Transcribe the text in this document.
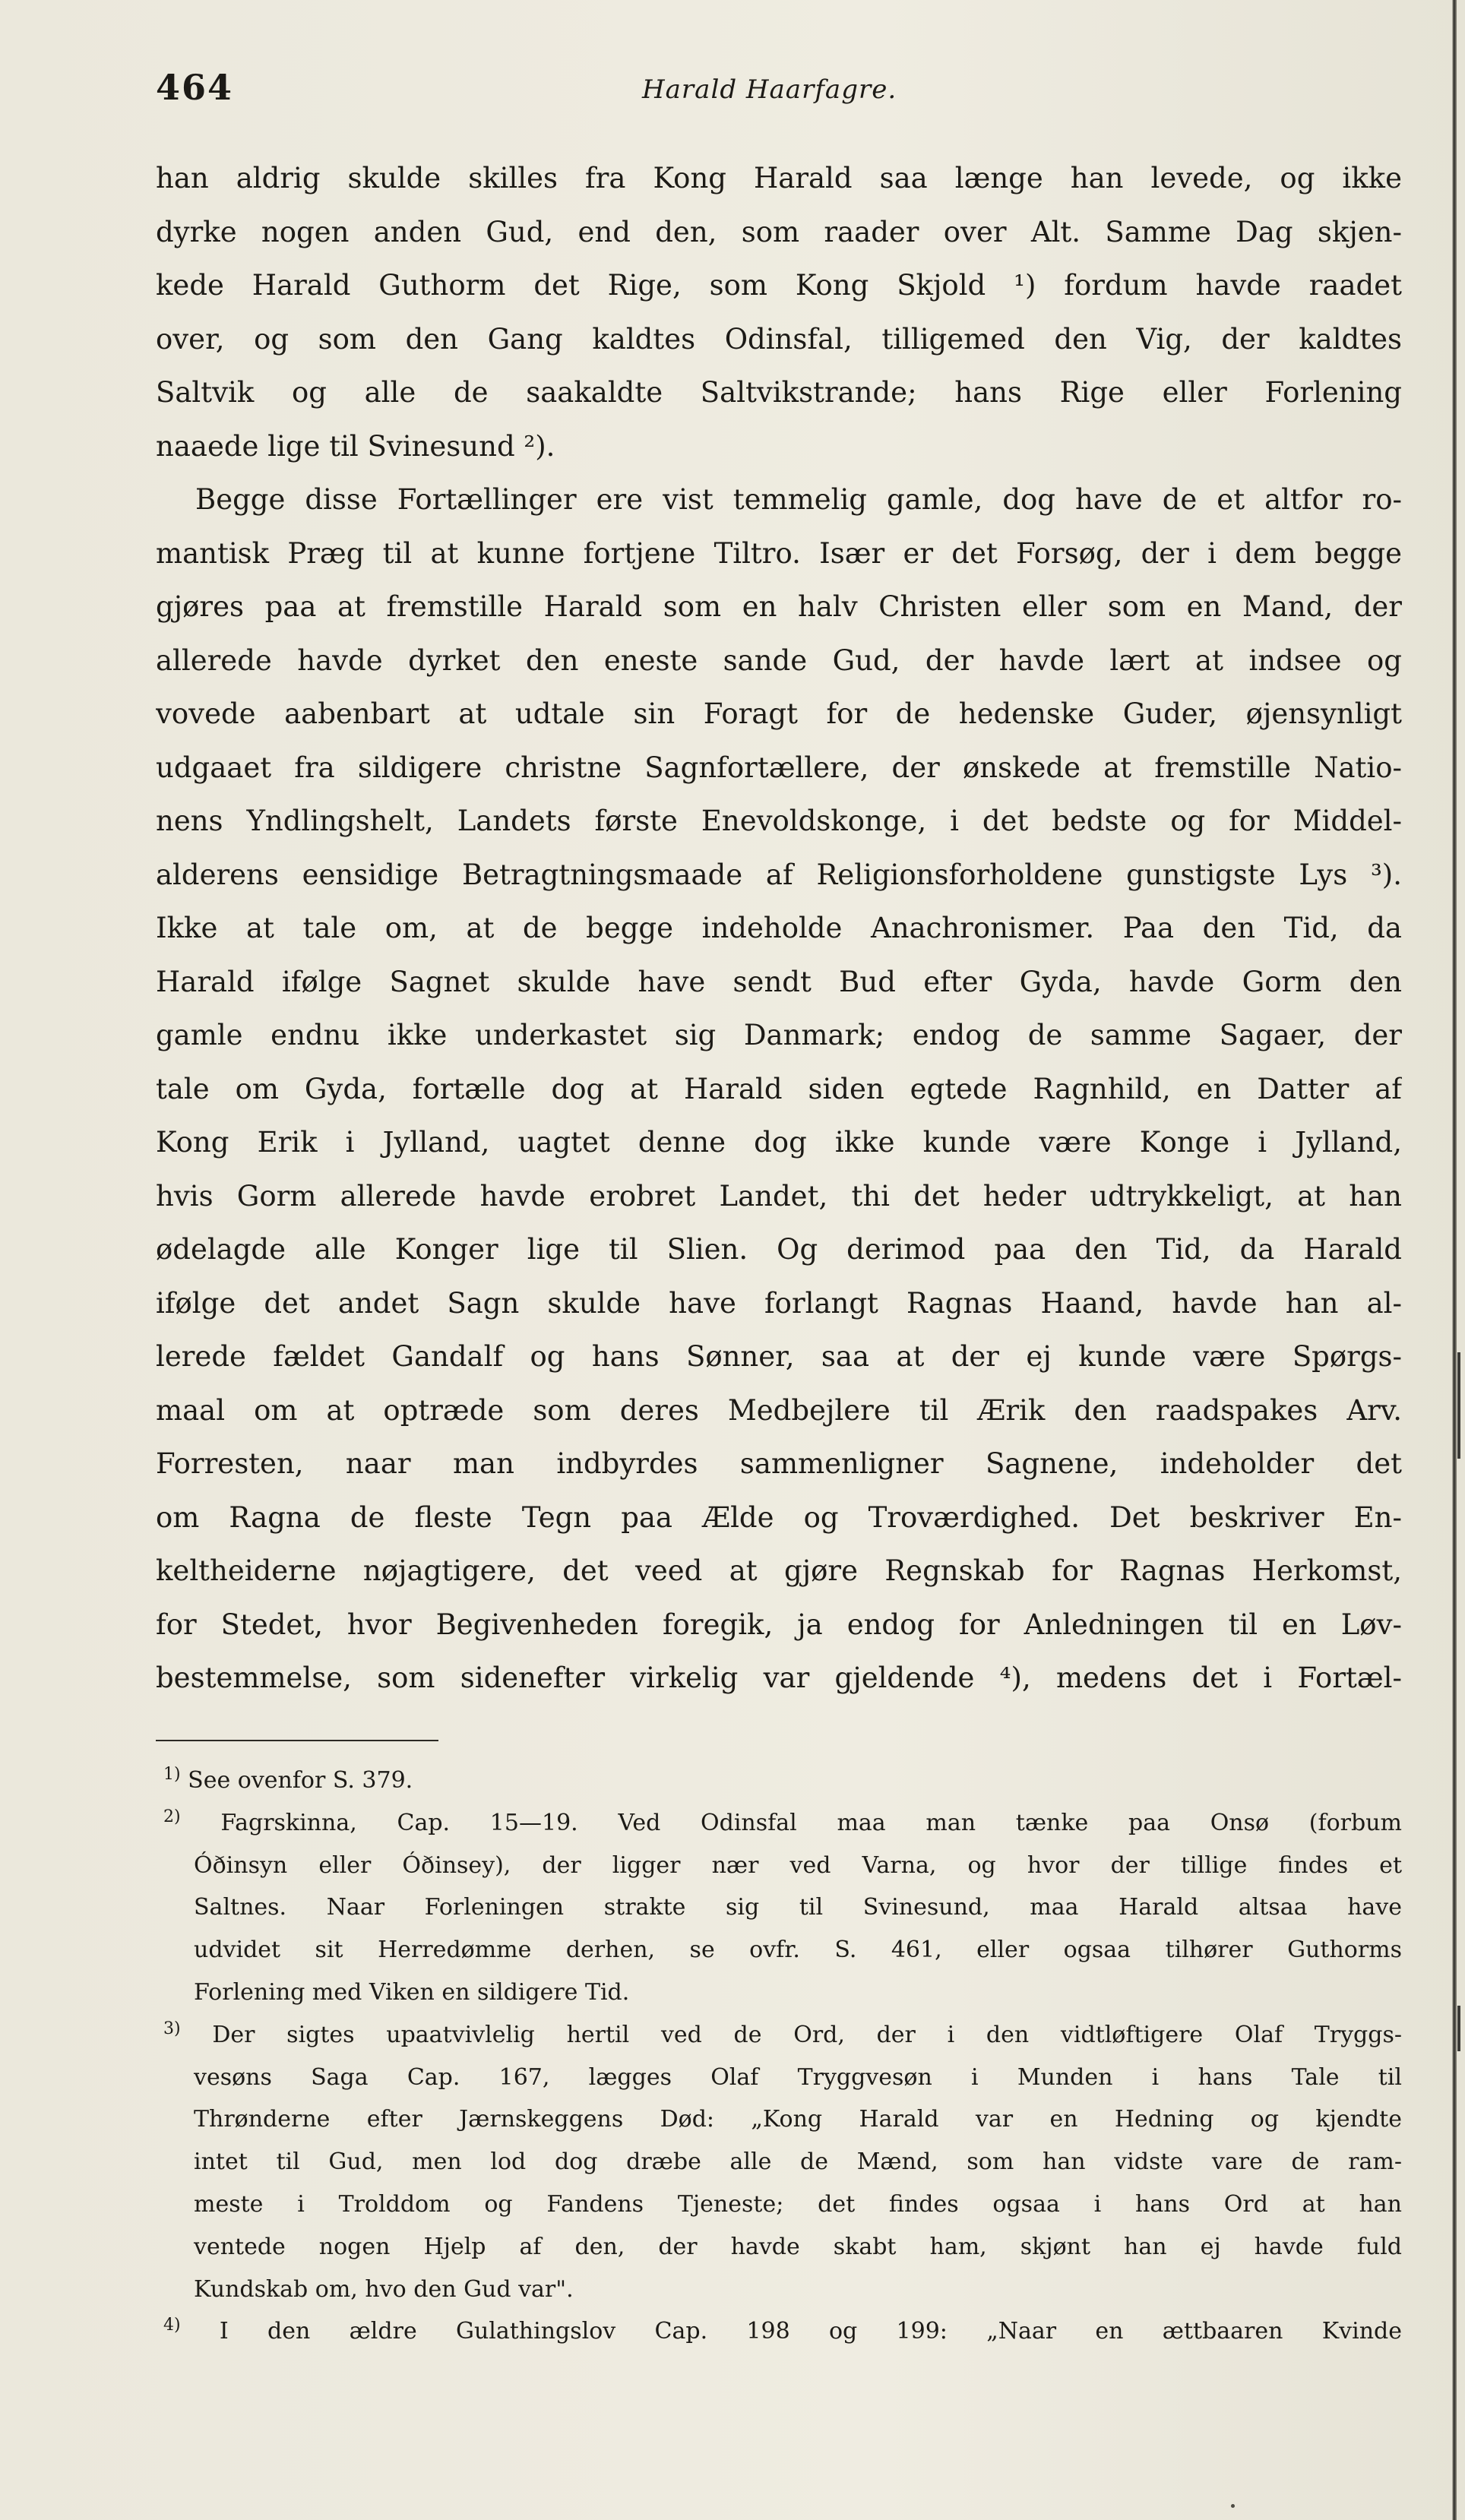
464	Harald Haarfagre.
han aldrig skulde skilles fra Kong Harald saa længe han levede, og ikke
dyrke nogen anden Gud, end den, som raader over Alt. Samme Dag skjen-
kede Harald Guthorm det Rige, som Kong Skjold ¹) fordum havde raadet
over, og som den Gang kaldtes Odinsfal, tilligemed den Vig, der kaldtes
Saltvik og alle de saakaldte Saltvikstrande; hans Rige eller Forlening
naaede lige til Svinesund ²).
Begge disse Fortællinger ere vist temmelig gamle, dog have de et altfor ro-
mantisk Præg til at kunne fortjene Tiltro. Især er det Forsøg, der i dem begge
gjøres paa at fremstille Harald som en halv Christen eller som en Mand, der
allerede havde dyrket den eneste sande Gud, der havde lært at indsee og
vovede aabenbart at udtale sin Foragt for de hedenske Guder, øjensynligt
udgaaet fra sildigere christne Sagnfortællere, der ønskede at fremstille Natio-
nens Yndlingshelt, Landets første Enevoldskonge, i det bedste og for Middel-
alderens eensidige Betragtningsmaade af Religionsforholdene gunstigste Lys ³).
Ikke at tale om, at de begge indeholde Anachronismer. Paa den Tid, da
Harald ifølge Sagnet skulde have sendt Bud efter Gyda, havde Gorm den
gamle endnu ikke underkastet sig Danmark; endog de samme Sagaer, der
tale om Gyda, fortælle dog at Harald siden egtede Ragnhild, en Datter af
Kong Erik i Jylland, uagtet denne dog ikke kunde være Konge i Jylland,
hvis Gorm allerede havde erobret Landet, thi det heder udtrykkeligt, at han
ødelagde alle Konger lige til Slien. Og derimod paa den Tid, da Harald
ifølge det andet Sagn skulde have forlangt Ragnas Haand, havde han al-
lerede fældet Gandalf og hans Sønner, saa at der ej kunde være Spørgs-
maal om at optræde som deres Medbejlere til Ærik den raadspakes Arv.
Forresten, naar man indbyrdes sammenligner Sagnene, indeholder det
om Ragna de fleste Tegn paa Ælde og Troværdighed. Det beskriver En-
keltheiderne nøjagtigere, det veed at gjøre Regnskab for Ragnas Herkomst,
for Stedet, hvor Begivenheden foregik, ja endog for Anledningen til en Løv-
bestemmelse, som sidenefter virkelig var gjeldende ⁴), medens det i Fortæl-
$^{1)}$ See ovenfor S. 379.
$^{2)}$ Fagrskinna, Cap. 15—19. Ved Odinsfal maa man tænke paa Onsø (forbum
Óðinsyn eller Óðinsey), der ligger nær ved Varna, og hvor der tillige findes et
Saltnes. Naar Forleningen strakte sig til Svinesund, maa Harald altsaa have
udvidet sit Herredømme derhen, se ovfr. S. 461, eller ogsaa tilhører Guthorms
Forlening med Viken en sildigere Tid.
$^{3)}$ Der sigtes upaatvivlelig hertil ved de Ord, der i den vidtløftigere Olaf Tryggs-
vesøns Saga Cap. 167, lægges Olaf Tryggvesøn i Munden i hans Tale til
Thrønderne efter Jærnskeggens Død: „Kong Harald var en Hedning og kjendte
intet til Gud, men lod dog dræbe alle de Mænd, som han vidste vare de ram-
meste i Trolddom og Fandens Tjeneste; det findes ogsaa i hans Ord at han
ventede nogen Hjelp af den, der havde skabt ham, skjønt han ej havde fuld
Kundskab om, hvo den Gud var".
$^{4)}$ I den ældre Gulathingslov Cap. 198 og 199: „Naar en ættbaaren Kvinde
